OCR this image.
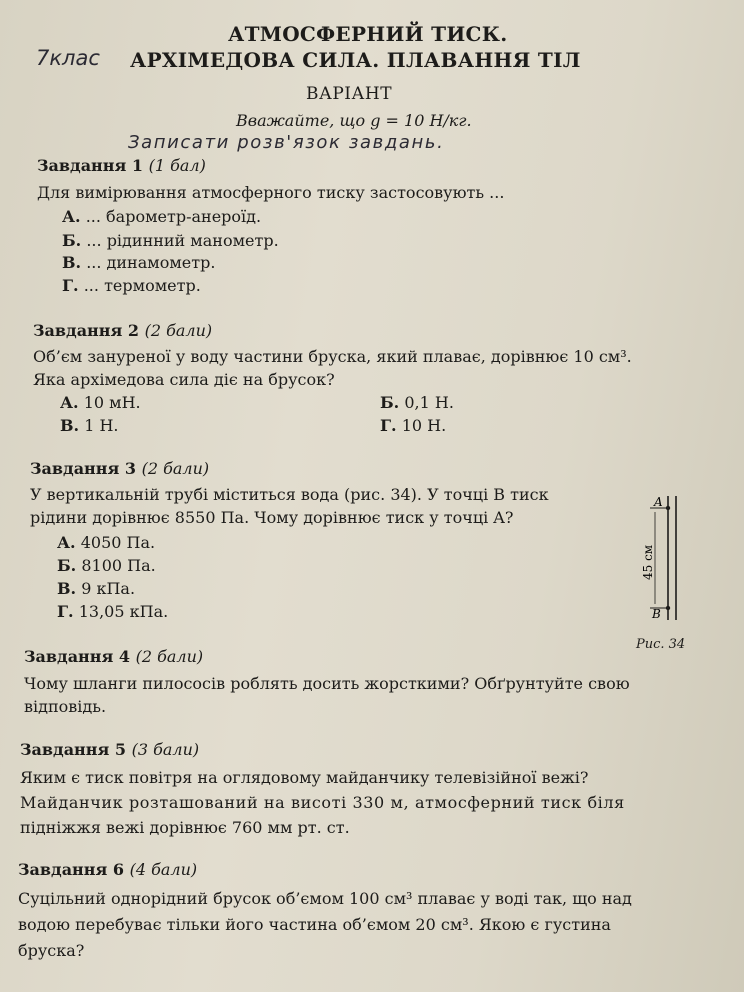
АТМОСФЕРНИЙ ТИСК.
7клас АРХІМЕДОВА СИЛА. ПЛАВАННЯ ТІЛ
ВАРІАНТ
Вважайте, що g = 10 Н/кг.
Записати розв'язок завдань.
Завдання 1 (1 бал)
Для вимірювання атмосферного тиску застосовують ...
А. ... барометр-анероїд.
Б. ... рідинний манометр.
В. ... динамометр.
Г. ... термометр.
Завдання 2 (2 бали)
Об’єм зануреної у воду частини бруска, який плаває, дорівнює 10 см³.
Яка архімедова сила діє на брусок?
А. 10 мН.	Б. 0,1 Н.
В. 1 Н.	Г. 10 Н.
Завдання 3 (2 бали)
У вертикальній трубі міститься вода (рис. 34). У точці B тиск
рідини дорівнює 8550 Па. Чому дорівнює тиск у точці A?
А. 4050 Па.
Б. 8100 Па.
В. 9 кПа.
Г. 13,05 кПа.
A
B
45 см
Рис. 34
Завдання 4 (2 бали)
Чому шланги пилососів роблять досить жорсткими? Обґрунтуйте свою
відповідь.
Завдання 5 (3 бали)
Яким є тиск повітря на оглядовому майданчику телевізійної вежі?
Майданчик розташований на висоті 330 м, атмосферний тиск біля
підніжжя вежі дорівнює 760 мм рт. ст.
Завдання 6 (4 бали)
Суцільний однорідний брусок об’ємом 100 см³ плаває у воді так, що над
водою перебуває тільки його частина об’ємом 20 см³. Якою є густина
бруска?
